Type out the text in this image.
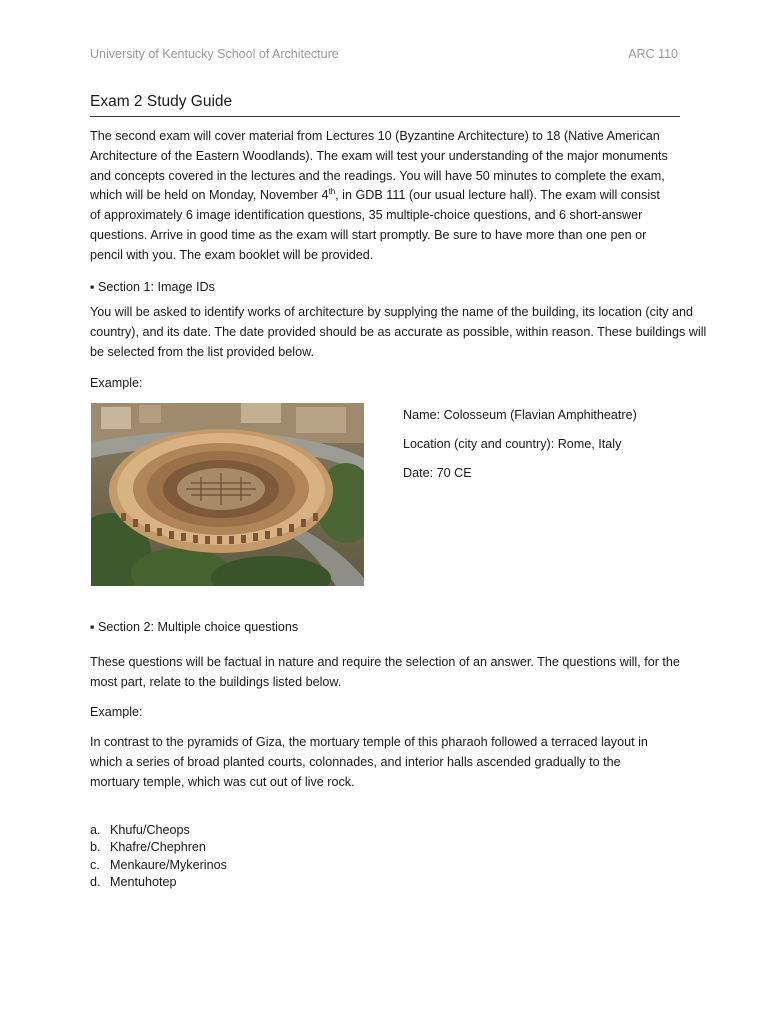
University of Kentucky School of Architecture	ARC 110
Exam 2 Study Guide
The second exam will cover material from Lectures 10 (Byzantine Architecture) to 18 (Native American Architecture of the Eastern Woodlands). The exam will test your understanding of the major monuments and concepts covered in the lectures and the readings. You will have 50 minutes to complete the exam, which will be held on Monday, November 4th, in GDB 111 (our usual lecture hall). The exam will consist of approximately 6 image identification questions, 35 multiple-choice questions, and 6 short-answer questions. Arrive in good time as the exam will start promptly. Be sure to have more than one pen or pencil with you. The exam booklet will be provided.
▪ Section 1: Image IDs
You will be asked to identify works of architecture by supplying the name of the building, its location (city and country), and its date. The date provided should be as accurate as possible, within reason. These buildings will be selected from the list provided below.
Example:
Name: Colosseum (Flavian Amphitheatre)
Location (city and country): Rome, Italy
Date: 70 CE
▪ Section 2: Multiple choice questions
These questions will be factual in nature and require the selection of an answer. The questions will, for the most part, relate to the buildings listed below.
Example:
In contrast to the pyramids of Giza, the mortuary temple of this pharaoh followed a terraced layout in which a series of broad planted courts, colonnades, and interior halls ascended gradually to the mortuary temple, which was cut out of live rock.
a. Khufu/Cheops
b. Khafre/Chephren
c. Menkaure/Mykerinos
d. Mentuhotep
